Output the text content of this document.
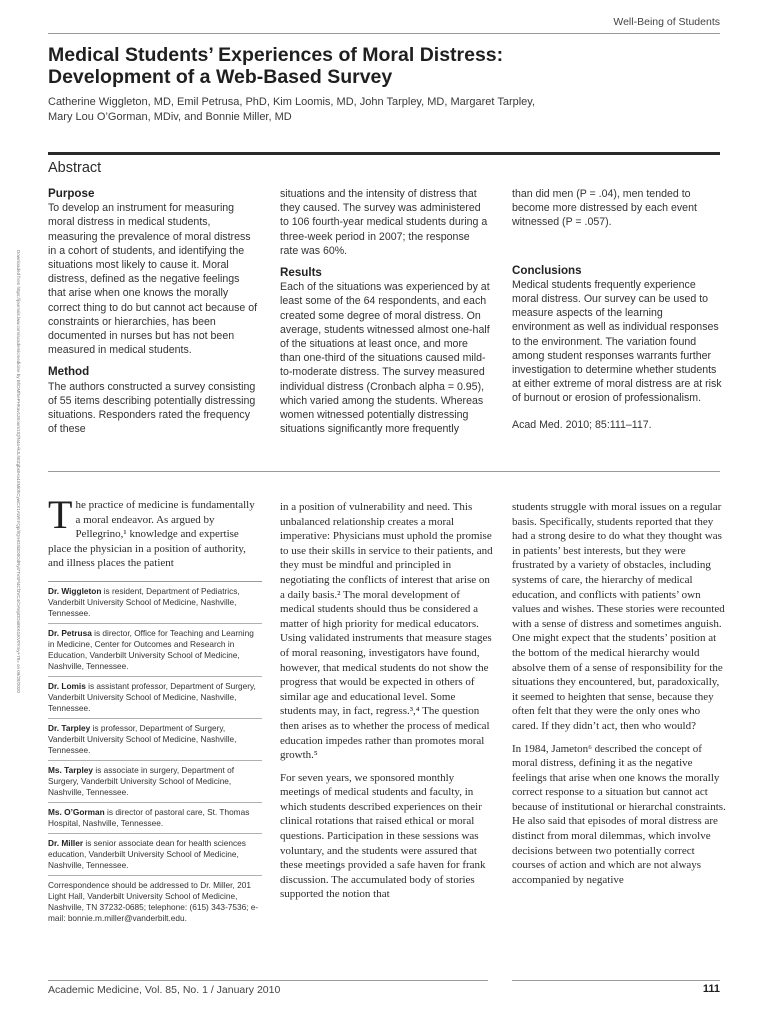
Well-Being of Students
Medical Students’ Experiences of Moral Distress: Development of a Web-Based Survey

Catherine Wiggleton, MD, Emil Petrusa, PhD, Kim Loomis, MD, John Tarpley, MD, Margaret Tarpley, Mary Lou O’Gorman, MDiv, and Bonnie Miller, MD

Abstract
Downloaded from https://journals.lww.com/academicmedicine by BhDMf5ePHKav1zEoum1tQfN4a+kJLhEZgbsIHo4XMi0hCywCX1AWnYQp/IlQrHD3i3D0OdRyi7TvSFl4Cf3VC4/OAVpDDa8KKGKV0Ymy+78= on 09/28/2020
Purpose

To develop an instrument for measuring moral distress in medical students, measuring the prevalence of moral distress in a cohort of students, and identifying the situations most likely to cause it. Moral distress, defined as the negative feelings that arise when one knows the morally correct thing to do but cannot act because of constraints or hierarchies, has been documented in nurses but has not been measured in medical students.

Method

The authors constructed a survey consisting of 55 items describing potentially distressing situations. Responders rated the frequency of these

situations and the intensity of distress that they caused. The survey was administered to 106 fourth-year medical students during a three-week period in 2007; the response rate was 60%.

Results

Each of the situations was experienced by at least some of the 64 respondents, and each created some degree of moral distress. On average, students witnessed almost one-half of the situations at least once, and more than one-third of the situations caused mild-to-moderate distress. The survey measured individual distress (Cronbach alpha = 0.95), which varied among the students. Whereas women witnessed potentially distressing situations significantly more frequently

than did men (P = .04), men tended to become more distressed by each event witnessed (P = .057).

Conclusions

Medical students frequently experience moral distress. Our survey can be used to measure aspects of the learning environment as well as individual responses to the environment. The variation found among student responses warrants further investigation to determine whether students at either extreme of moral distress are at risk of burnout or erosion of professionalism.

Acad Med. 2010; 85:111–117.

The practice of medicine is fundamentally a moral endeavor. As argued by Pellegrino,¹ knowledge and expertise place the physician in a position of authority, and illness places the patient

Dr. Wiggleton is resident, Department of Pediatrics, Vanderbilt University School of Medicine, Nashville, Tennessee.

Dr. Petrusa is director, Office for Teaching and Learning in Medicine, Center for Outcomes and Research in Education, Vanderbilt University School of Medicine, Nashville, Tennessee.

Dr. Lomis is assistant professor, Department of Surgery, Vanderbilt University School of Medicine, Nashville, Tennessee.

Dr. Tarpley is professor, Department of Surgery, Vanderbilt University School of Medicine, Nashville, Tennessee.

Ms. Tarpley is associate in surgery, Department of Surgery, Vanderbilt University School of Medicine, Nashville, Tennessee.

Ms. O’Gorman is director of pastoral care, St. Thomas Hospital, Nashville, Tennessee.

Dr. Miller is senior associate dean for health sciences education, Vanderbilt University School of Medicine, Nashville, Tennessee.

Correspondence should be addressed to Dr. Miller, 201 Light Hall, Vanderbilt University School of Medicine, Nashville, TN 37232-0685; telephone: (615) 343-7536; e-mail: bonnie.m.miller@vanderbilt.edu.

in a position of vulnerability and need. This unbalanced relationship creates a moral imperative: Physicians must uphold the promise to use their skills in service to their patients, and they must be mindful and principled in negotiating the conflicts of interest that arise on a daily basis.² The moral development of medical students should thus be considered a matter of high priority for medical educators. Using validated instruments that measure stages of moral reasoning, investigators have found, however, that medical students do not show the progress that would be expected in others of similar age and educational level. Some students may, in fact, regress.³,⁴ The question then arises as to whether the process of medical education impedes rather than promotes moral growth.⁵

For seven years, we sponsored monthly meetings of medical students and faculty, in which students described experiences on their clinical rotations that raised ethical or moral questions. Participation in these sessions was voluntary, and the students were assured that these meetings provided a safe haven for frank discussion. The accumulated body of stories supported the notion that

students struggle with moral issues on a regular basis. Specifically, students reported that they had a strong desire to do what they thought was in patients’ best interests, but they were frustrated by a variety of obstacles, including systems of care, the hierarchy of medical education, and conflicts with patients’ own values and wishes. These stories were recounted with a sense of distress and sometimes anguish. One might expect that the students’ position at the bottom of the medical hierarchy would absolve them of a sense of responsibility for the situations they encountered, but, paradoxically, it seemed to heighten that sense, because they often felt that they were the only ones who cared. If they didn’t act, then who would?

In 1984, Jameton⁶ described the concept of moral distress, defining it as the negative feelings that arise when one knows the morally correct response to a situation but cannot act because of institutional or hierarchal constraints. He also said that episodes of moral distress are distinct from moral dilemmas, which involve decisions between two potentially correct courses of action and which are not always accompanied by negative

Academic Medicine, Vol. 85, No. 1 / January 2010	111
